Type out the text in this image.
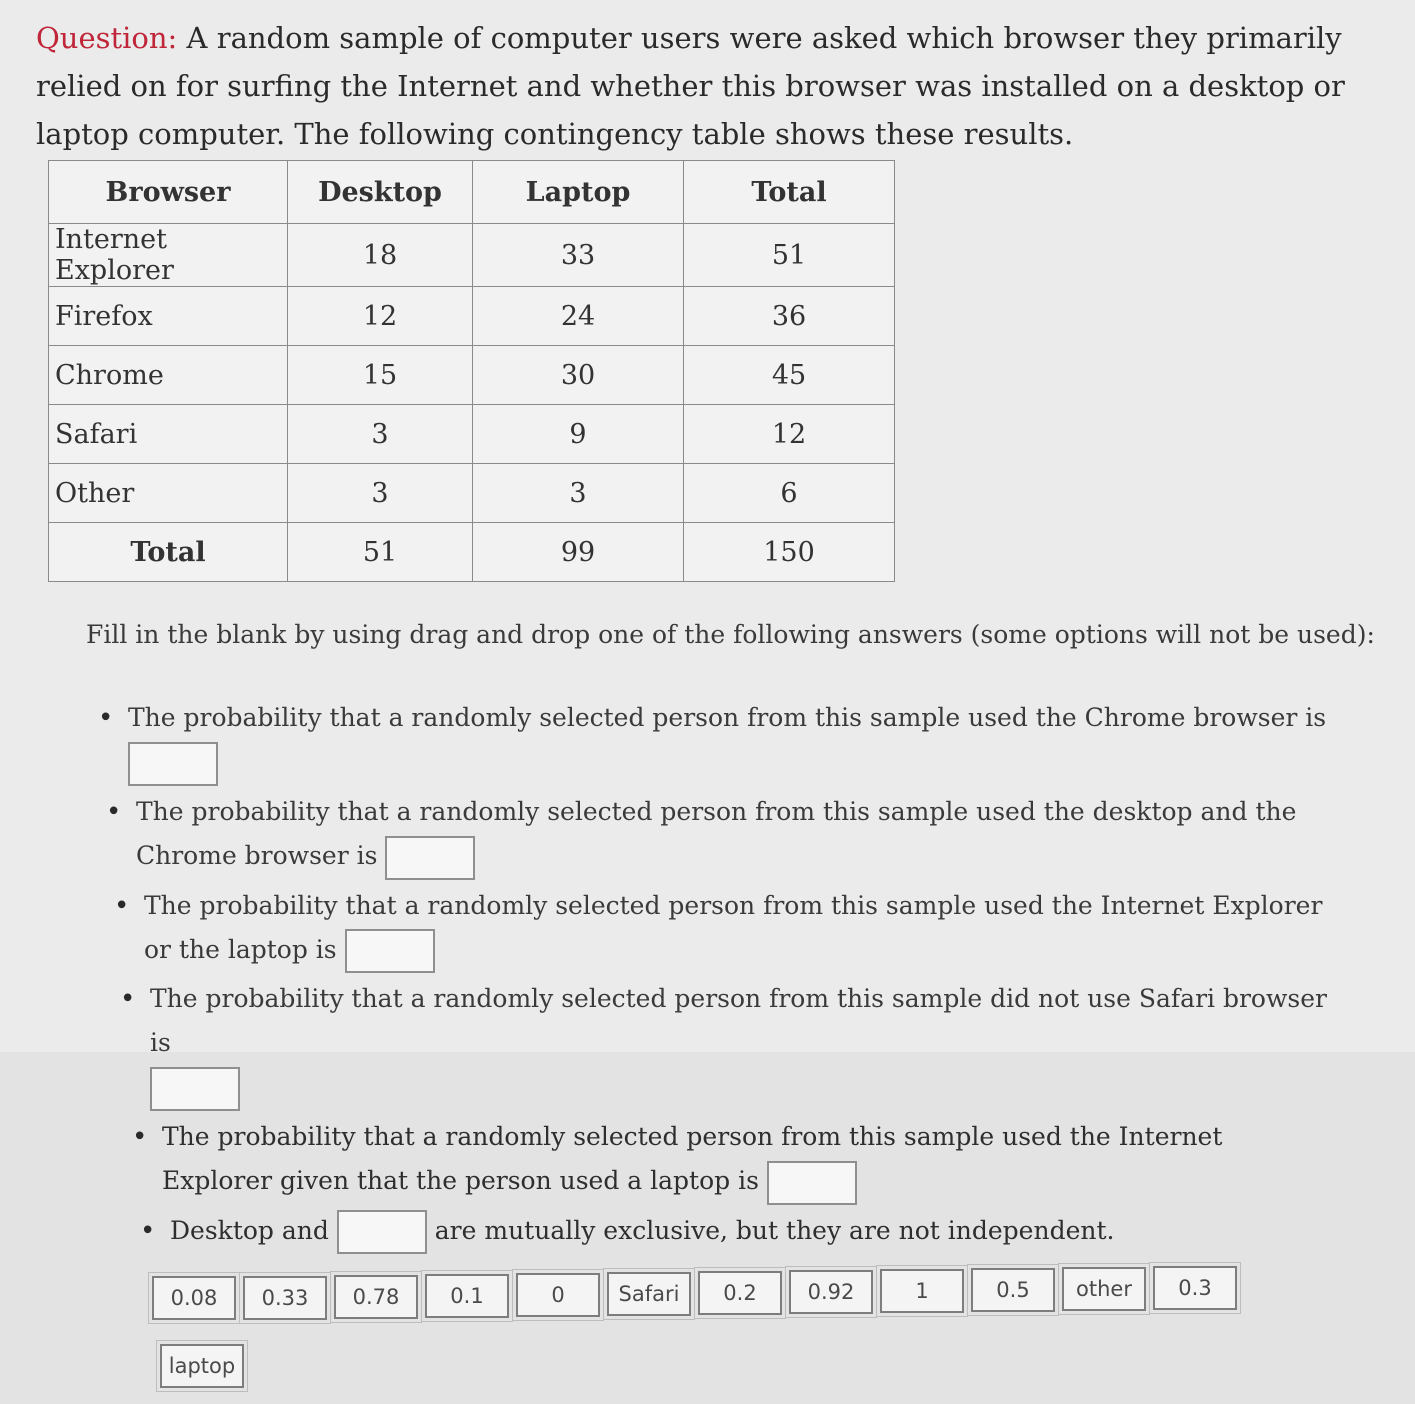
Question: A random sample of computer users were asked which browser they primarily relied on for surfing the Internet and whether this browser was installed on a desktop or laptop computer. The following contingency table shows these results.
Browser	Desktop	Laptop	Total
Internet Explorer	18	33	51
Firefox	12	24	36
Chrome	15	30	45
Safari	3	9	12
Other	3	3	6
Total	51	99	150
Fill in the blank by using drag and drop one of the following answers (some options will not be used):
• The probability that a randomly selected person from this sample used the Chrome browser is
• The probability that a randomly selected person from this sample used the desktop and the Chrome browser is
• The probability that a randomly selected person from this sample used the Internet Explorer or the laptop is
• The probability that a randomly selected person from this sample did not use Safari browser is
• The probability that a randomly selected person from this sample used the Internet Explorer given that the person used a laptop is
• Desktop and	are mutually exclusive, but they are not independent.
0.08	0.33	0.78	0.1	0	Safari	0.2	0.92	1	0.5	other	0.3
laptop
